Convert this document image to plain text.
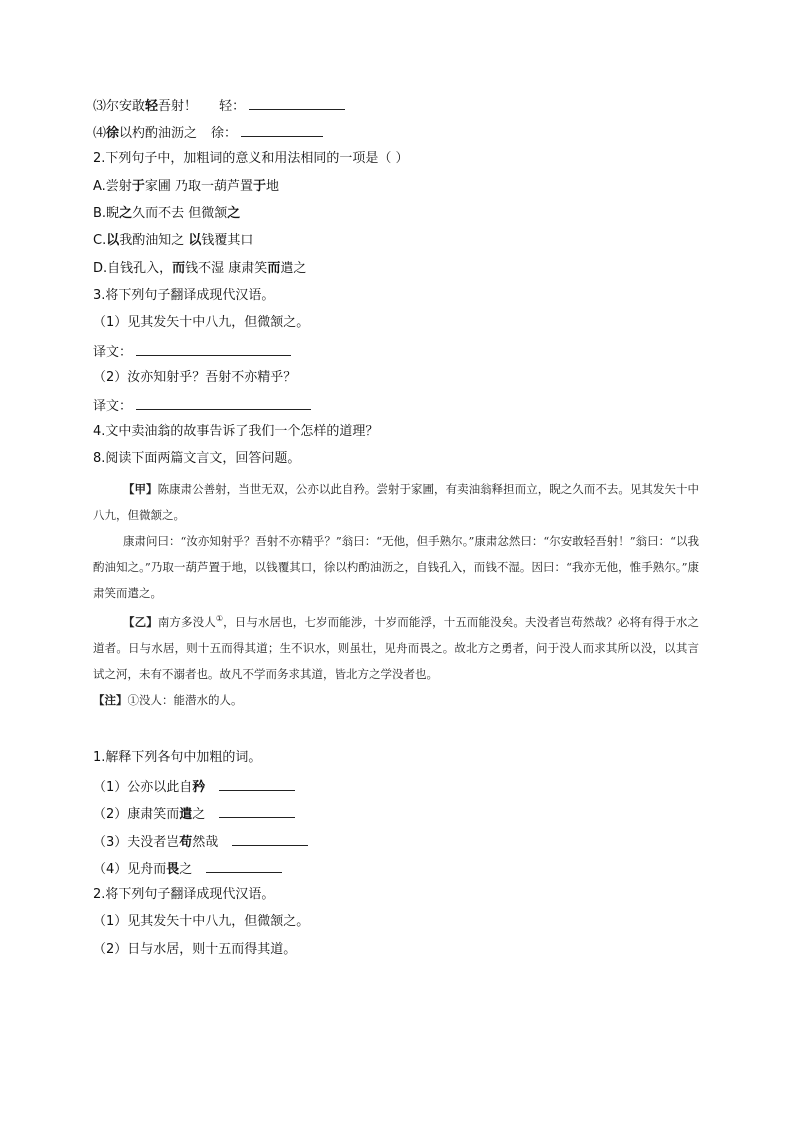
⑶尔安敢轻吾射！ 轻：
⑷徐以杓酌油沥之 徐：
2.下列句子中，加粗词的意义和用法相同的一项是（ ）
A.尝射于家圃 乃取一葫芦置于地
B.睨之久而不去 但微颔之
C.以我酌油知之 以钱覆其口
D.自钱孔入，而钱不湿 康肃笑而遣之
3.将下列句子翻译成现代汉语。
（1）见其发矢十中八九，但微颔之。
译文：
（2）汝亦知射乎？吾射不亦精乎？
译文：
4.文中卖油翁的故事告诉了我们一个怎样的道理？
8.阅读下面两篇文言文，回答问题。

【甲】陈康肃公善射，当世无双，公亦以此自矜。尝射于家圃，有卖油翁释担而立，睨之久而不去。见其发矢十中八九，但微颔之。

康肃问曰：“汝亦知射乎？吾射不亦精乎？”翁曰：“无他，但手熟尔。”康肃忿然曰：“尔安敢轻吾射！”翁曰：“以我酌油知之。”乃取一葫芦置于地，以钱覆其口，徐以杓酌油沥之，自钱孔入，而钱不湿。因曰：“我亦无他，惟手熟尔。”康肃笑而遣之。

【乙】南方多没人①，日与水居也，七岁而能涉，十岁而能浮，十五而能没矣。夫没者岂苟然哉？必将有得于水之道者。日与水居，则十五而得其道；生不识水，则虽壮，见舟而畏之。故北方之勇者，问于没人而求其所以没，以其言试之河，未有不溺者也。故凡不学而务求其道，皆北方之学没者也。

【注】①没人：能潜水的人。

1.解释下列各句中加粗的词。
（1）公亦以此自矜
（2）康肃笑而遣之
（3）夫没者岂苟然哉
（4）见舟而畏之
2.将下列句子翻译成现代汉语。
（1）见其发矢十中八九，但微颔之。
（2）日与水居，则十五而得其道。
